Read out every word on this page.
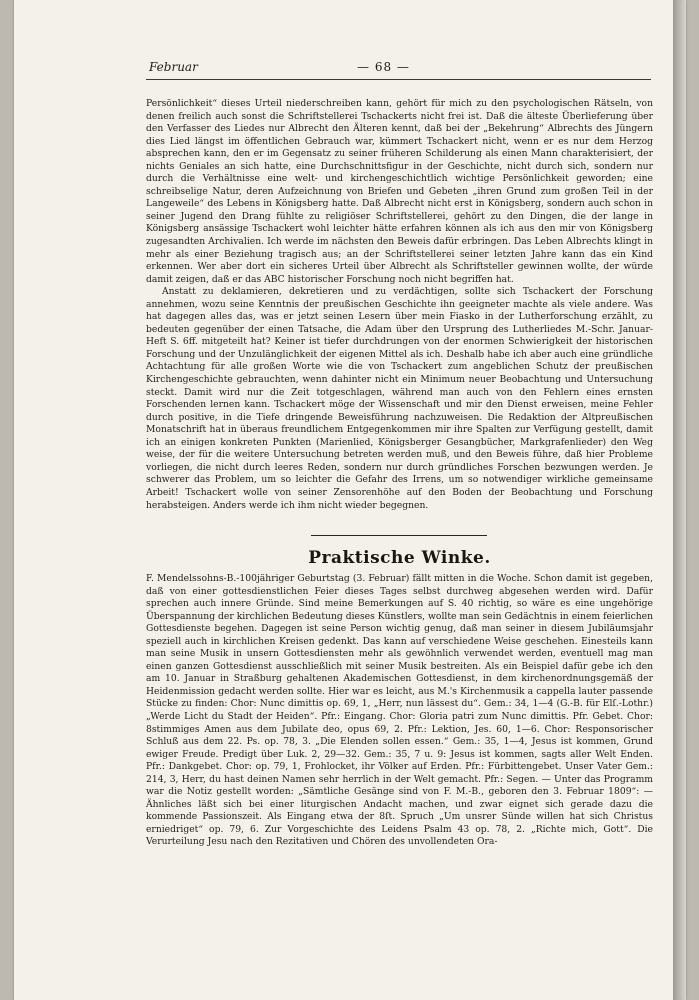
Februar	— 68 —

Persönlichkeit“ dieses Urteil niederschreiben kann, gehört für mich zu den psychologischen Rätseln, von denen freilich auch sonst die Schriftstellerei Tschackerts nicht frei ist. Daß die älteste Überlieferung über den Verfasser des Liedes nur Albrecht den Älteren kennt, daß bei der „Bekehrung“ Albrechts des Jüngern dies Lied längst im öffentlichen Gebrauch war, kümmert Tschackert nicht, wenn er es nur dem Herzog absprechen kann, den er im Gegensatz zu seiner früheren Schilderung als einen Mann charakterisiert, der nichts Geniales an sich hatte, eine Durchschnittsfigur in der Geschichte, nicht durch sich, sondern nur durch die Verhältnisse eine welt- und kirchengeschichtlich wichtige Persönlichkeit geworden; eine schreibselige Natur, deren Aufzeichnung von Briefen und Gebeten „ihren Grund zum großen Teil in der Langeweile“ des Lebens in Königsberg hatte. Daß Albrecht nicht erst in Königsberg, sondern auch schon in seiner Jugend den Drang fühlte zu religiöser Schriftstellerei, gehört zu den Dingen, die der lange in Königsberg ansässige Tschackert wohl leichter hätte erfahren können als ich aus den mir von Königsberg zugesandten Archivalien. Ich werde im nächsten den Beweis dafür erbringen. Das Leben Albrechts klingt in mehr als einer Beziehung tragisch aus; an der Schriftstellerei seiner letzten Jahre kann das ein Kind erkennen. Wer aber dort ein sicheres Urteil über Albrecht als Schriftsteller gewinnen wollte, der würde damit zeigen, daß er das ABC historischer Forschung noch nicht begriffen hat.

Anstatt zu deklamieren, dekretieren und zu verdächtigen, sollte sich Tschackert der Forschung annehmen, wozu seine Kenntnis der preußischen Geschichte ihn geeigneter machte als viele andere. Was hat dagegen alles das, was er jetzt seinen Lesern über mein Fiasko in der Lutherforschung erzählt, zu bedeuten gegenüber der einen Tatsache, die Adam über den Ursprung des Lutherliedes M.-Schr. Januar-Heft S. 6ff. mitgeteilt hat? Keiner ist tiefer durchdrungen von der enormen Schwierigkeit der historischen Forschung und der Unzulänglichkeit der eigenen Mittel als ich. Deshalb habe ich aber auch eine gründliche Achtachtung für alle großen Worte wie die von Tschackert zum angeblichen Schutz der preußischen Kirchengeschichte gebrauchten, wenn dahinter nicht ein Minimum neuer Beobachtung und Untersuchung steckt. Damit wird nur die Zeit totgeschlagen, während man auch von den Fehlern eines ernsten Forschenden lernen kann. Tschackert möge der Wissenschaft und mir den Dienst erweisen, meine Fehler durch positive, in die Tiefe dringende Beweisführung nachzuweisen. Die Redaktion der Altpreußischen Monatschrift hat in überaus freundlichem Entgegenkommen mir ihre Spalten zur Verfügung gestellt, damit ich an einigen konkreten Punkten (Marienlied, Königsberger Gesangbücher, Markgrafenlieder) den Weg weise, der für die weitere Untersuchung betreten werden muß, und den Beweis führe, daß hier Probleme vorliegen, die nicht durch leeres Reden, sondern nur durch gründliches Forschen bezwungen werden. Je schwerer das Problem, um so leichter die Gefahr des Irrens, um so notwendiger wirkliche gemeinsame Arbeit! Tschackert wolle von seiner Zensorenhöhe auf den Boden der Beobachtung und Forschung herabsteigen. Anders werde ich ihm nicht wieder begegnen.

Praktische Winke.

F. Mendelssohns-B.-100jähriger Geburtstag (3. Februar) fällt mitten in die Woche. Schon damit ist gegeben, daß von einer gottesdienstlichen Feier dieses Tages selbst durchweg abgesehen werden wird. Dafür sprechen auch innere Gründe. Sind meine Bemerkungen auf S. 40 richtig, so wäre es eine ungehörige Überspannung der kirchlichen Bedeutung dieses Künstlers, wollte man sein Gedächtnis in einem feierlichen Gottesdienste begehen. Dagegen ist seine Person wichtig genug, daß man seiner in diesem Jubiläumsjahr speziell auch in kirchlichen Kreisen gedenkt. Das kann auf verschiedene Weise geschehen. Einesteils kann man seine Musik in unsern Gottesdiensten mehr als gewöhnlich verwendet werden, eventuell mag man einen ganzen Gottesdienst ausschließlich mit seiner Musik bestreiten. Als ein Beispiel dafür gebe ich den am 10. Januar in Straßburg gehaltenen Akademischen Gottesdienst, in dem kirchenordnungsgemäß der Heidenmission gedacht werden sollte. Hier war es leicht, aus M.'s Kirchenmusik a cappella lauter passende Stücke zu finden: Chor: Nunc dimittis op. 69, 1, „Herr, nun lässest du“. Gem.: 34, 1—4 (G.-B. für Elſ.-Lothr.) „Werde Licht du Stadt der Heiden“. Pfr.: Eingang. Chor: Gloria patri zum Nunc dimittis. Pfr. Gebet. Chor: 8stimmiges Amen aus dem Jubilate deo, opus 69, 2. Pfr.: Lektion, Jes. 60, 1—6. Chor: Responsorischer Schluß aus dem 22. Ps. op. 78, 3. „Die Elenden sollen essen.“ Gem.: 35, 1—4, Jesus ist kommen, Grund ewiger Freude. Predigt über Luk. 2, 29—32. Gem.: 35, 7 u. 9: Jesus ist kommen, sagts aller Welt Enden. Pfr.: Dankgebet. Chor: op. 79, 1, Frohlocket, ihr Völker auf Erden. Pfr.: Fürbittengebet. Unser Vater Gem.: 214, 3, Herr, du hast deinen Namen sehr herrlich in der Welt gemacht. Pfr.: Segen. — Unter das Programm war die Notiz gestellt worden: „Sämtliche Gesänge sind von F. M.-B., geboren den 3. Februar 1809“: — Ähnliches läßt sich bei einer liturgischen Andacht machen, und zwar eignet sich gerade dazu die kommende Passionszeit. Als Eingang etwa der 8ſt. Spruch „Um unsrer Sünde willen hat sich Christus erniedriget“ op. 79, 6. Zur Vorgeschichte des Leidens Psalm 43 op. 78, 2. „Richte mich, Gott“. Die Verurteilung Jesu nach den Rezitativen und Chören des unvollendeten Ora-
